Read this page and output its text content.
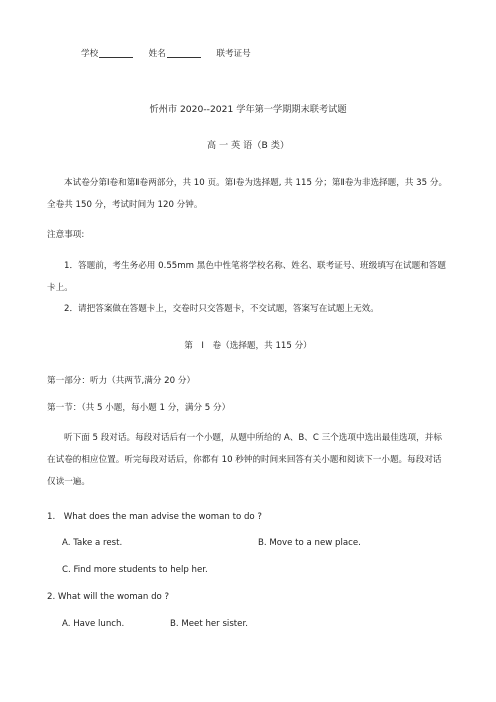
学校	姓名	联考证号
忻州市 2020--2021 学年第一学期期末联考试题
高 一 英 语（B 类）
本试卷分第Ⅰ卷和第Ⅱ卷两部分，共 10 页。第Ⅰ卷为选择题, 共 115 分；第Ⅱ卷为非选择题，共 35 分。全卷共 150 分，考试时间为 120 分钟。
注意事项:
1．答题前，考生务必用 0.55mm 黑色中性笔将学校名称、姓名、联考证号、班级填写在试题和答题卡上。
2．请把答案做在答题卡上，交卷时只交答题卡，不交试题，答案写在试题上无效。
第　Ⅰ　卷（选择题，共 115 分）
第一部分：听力（共两节,满分 20 分）
第一节：（共 5 小题，每小题 1 分，满分 5 分）
听下面 5 段对话。每段对话后有一个小题，从题中所给的 A、B、C 三个选项中选出最佳选项，并标在试卷的相应位置。听完每段对话后，你都有 10 秒钟的时间来回答有关小题和阅读下一小题。每段对话仅读一遍。
1.　What does the man advise the woman to do ?
A. Take a rest.	B. Move to a new place.
C. Find more students to help her.
2. What will the woman do ?
A. Have lunch.	B. Meet her sister.
